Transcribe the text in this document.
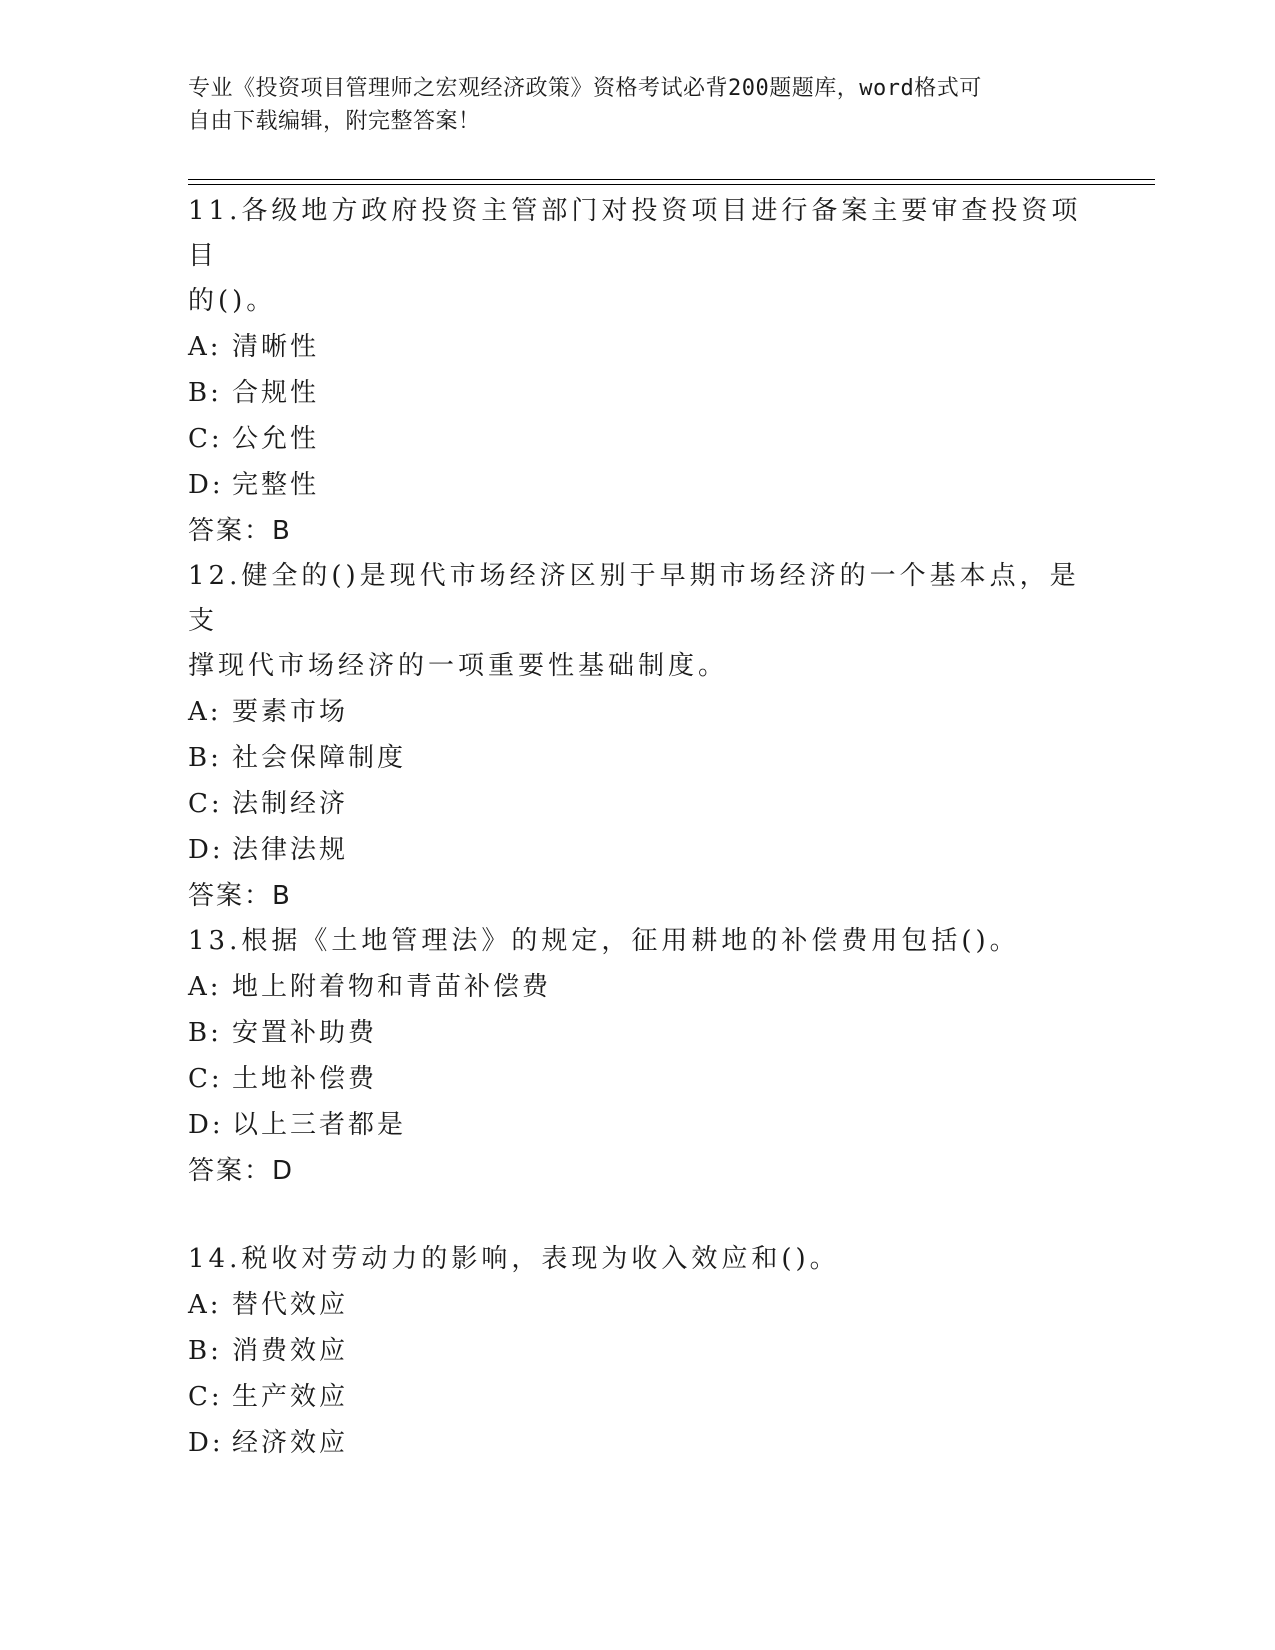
专业《投资项目管理师之宏观经济政策》资格考试必背200题题库，word格式可
自由下载编辑，附完整答案！

11.各级地方政府投资主管部门对投资项目进行备案主要审查投资项目

的()。

A: 清晰性

B: 合规性

C: 公允性

D: 完整性

答案：B

12.健全的()是现代市场经济区别于早期市场经济的一个基本点，是支

撑现代市场经济的一项重要性基础制度。

A: 要素市场

B: 社会保障制度

C: 法制经济

D: 法律法规

答案：B

13.根据《土地管理法》的规定，征用耕地的补偿费用包括()。

A: 地上附着物和青苗补偿费

B: 安置补助费

C: 土地补偿费

D: 以上三者都是

答案：D

14.税收对劳动力的影响，表现为收入效应和()。

A: 替代效应

B: 消费效应

C: 生产效应

D: 经济效应
